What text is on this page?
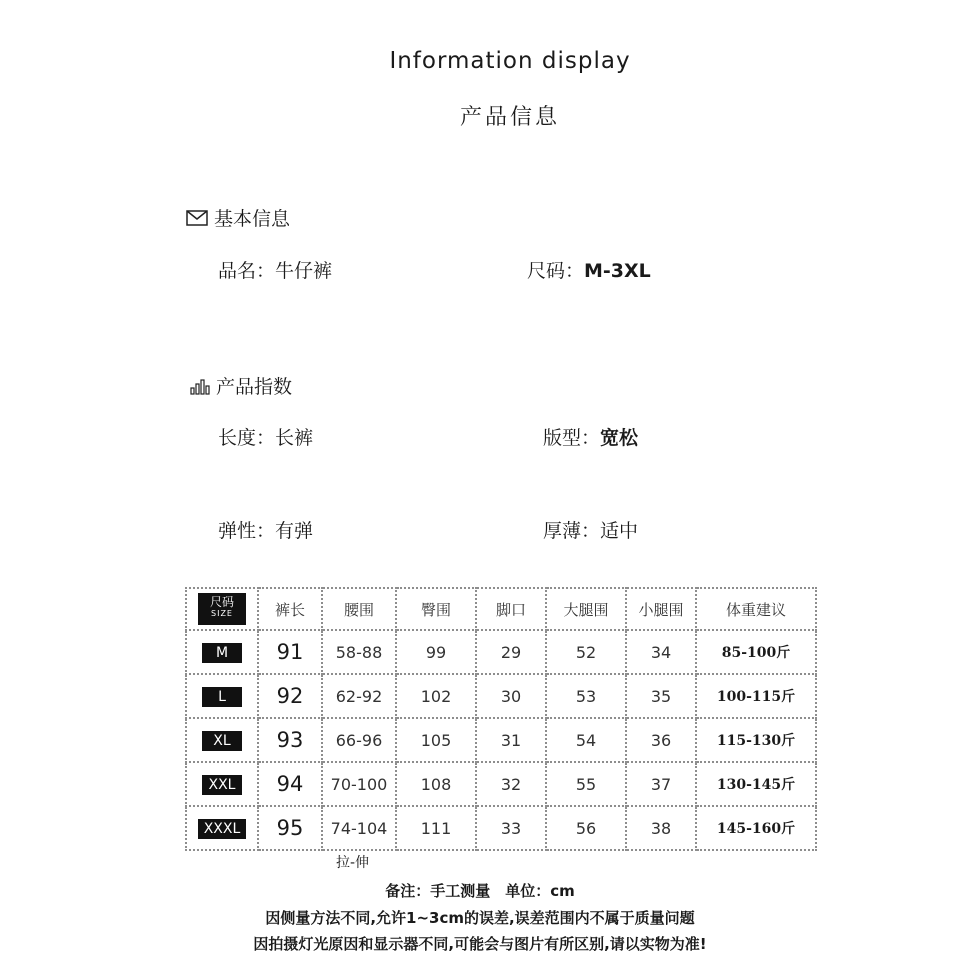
Information display
产品信息
基本信息
品名：牛仔裤	尺码：M-3XL
产品指数
长度：长裤	版型：宽松
弹性：有弹	厚薄：适中
尺码
SIZE	裤长	腰围	臀围	脚口	大腿围	小腿围	体重建议
M	91	58-88	99	29	52	34	85-100斤
L	92	62-92	102	30	53	35	100-115斤
XL	93	66-96	105	31	54	36	115-130斤
XXL	94	70-100	108	32	55	37	130-145斤
XXXL	95	74-104	111	33	56	38	145-160斤
拉-伸
备注：手工测量　单位：cm
因侧量方法不同,允许1~3cm的误差,误差范围内不属于质量问题
因拍摄灯光原因和显示器不同,可能会与图片有所区别,请以实物为准!
